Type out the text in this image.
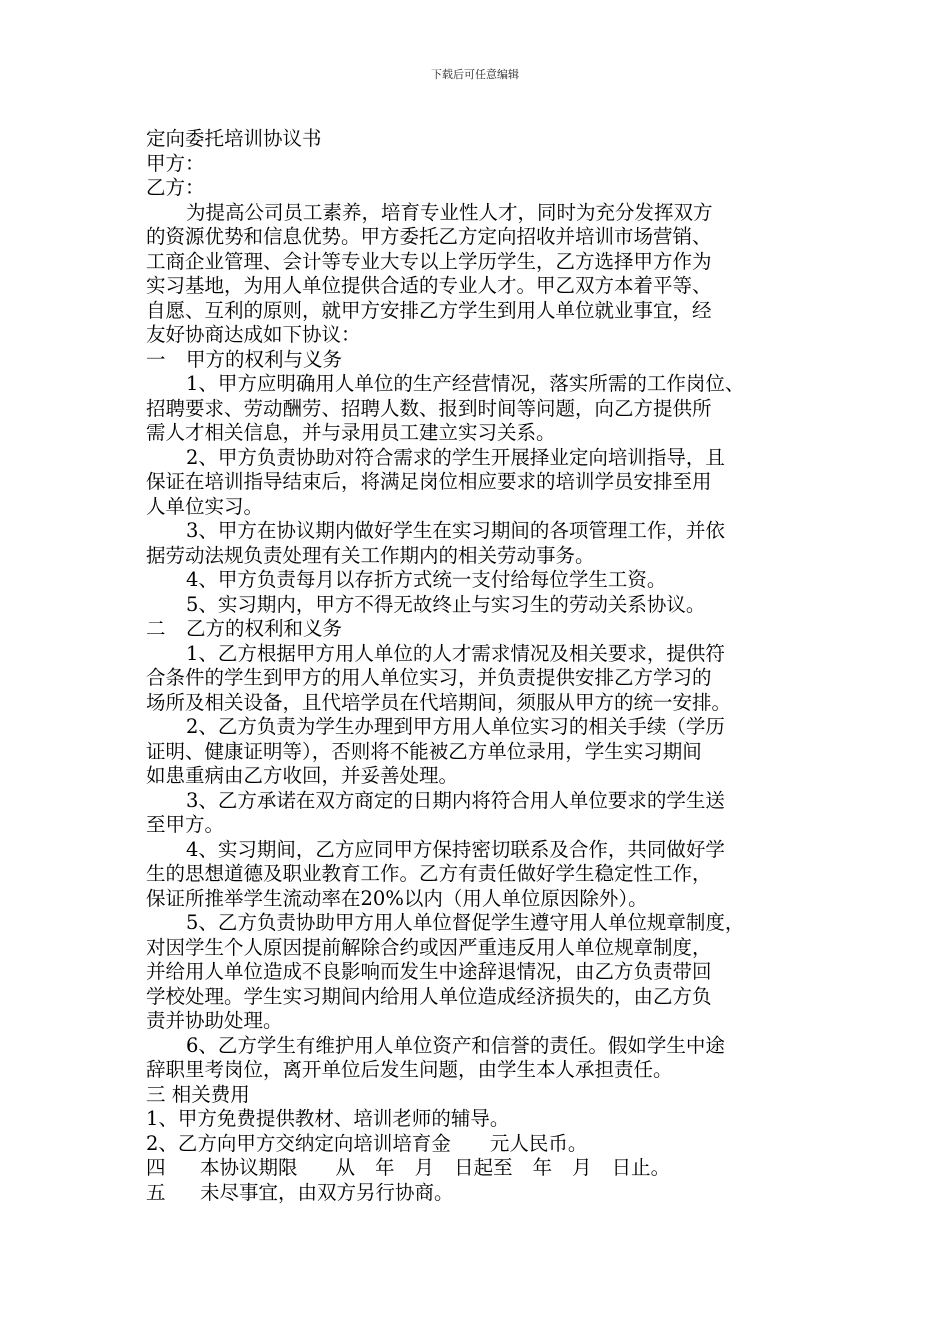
下载后可任意编辑
定向委托培训协议书
甲方：
乙方：
为提高公司员工素养，培育专业性人才，同时为充分发挥双方
的资源优势和信息优势。甲方委托乙方定向招收并培训市场营销、
工商企业管理、会计等专业大专以上学历学生，乙方选择甲方作为
实习基地，为用人单位提供合适的专业人才。甲乙双方本着平等、
自愿、互利的原则，就甲方安排乙方学生到用人单位就业事宜，经
友好协商达成如下协议：
一 甲方的权利与义务
1、甲方应明确用人单位的生产经营情况，落实所需的工作岗位、
招聘要求、劳动酬劳、招聘人数、报到时间等问题，向乙方提供所
需人才相关信息，并与录用员工建立实习关系。
2、甲方负责协助对符合需求的学生开展择业定向培训指导，且
保证在培训指导结束后，将满足岗位相应要求的培训学员安排至用
人单位实习。
3、甲方在协议期内做好学生在实习期间的各项管理工作，并依
据劳动法规负责处理有关工作期内的相关劳动事务。
4、甲方负责每月以存折方式统一支付给每位学生工资。
5、实习期内，甲方不得无故终止与实习生的劳动关系协议。
二 乙方的权利和义务
1、乙方根据甲方用人单位的人才需求情况及相关要求，提供符
合条件的学生到甲方的用人单位实习，并负责提供安排乙方学习的
场所及相关设备，且代培学员在代培期间，须服从甲方的统一安排。
2、乙方负责为学生办理到甲方用人单位实习的相关手续（学历
证明、健康证明等），否则将不能被乙方单位录用，学生实习期间
如患重病由乙方收回，并妥善处理。
3、乙方承诺在双方商定的日期内将符合用人单位要求的学生送
至甲方。
4、实习期间，乙方应同甲方保持密切联系及合作，共同做好学
生的思想道德及职业教育工作。乙方有责任做好学生稳定性工作，
保证所推举学生流动率在20%以内（用人单位原因除外）。
5、乙方负责协助甲方用人单位督促学生遵守用人单位规章制度，
对因学生个人原因提前解除合约或因严重违反用人单位规章制度，
并给用人单位造成不良影响而发生中途辞退情况，由乙方负责带回
学校处理。学生实习期间内给用人单位造成经济损失的，由乙方负
责并协助处理。
6、乙方学生有维护用人单位资产和信誉的责任。假如学生中途
辞职里考岗位，离开单位后发生问题，由学生本人承担责任。
三 相关费用
1、甲方免费提供教材、培训老师的辅导。
2、乙方向甲方交纳定向培训培育金　　元人民币。
四 本协议期限 从 年 月 日起至 年 月 日止。
五 未尽事宜，由双方另行协商。
